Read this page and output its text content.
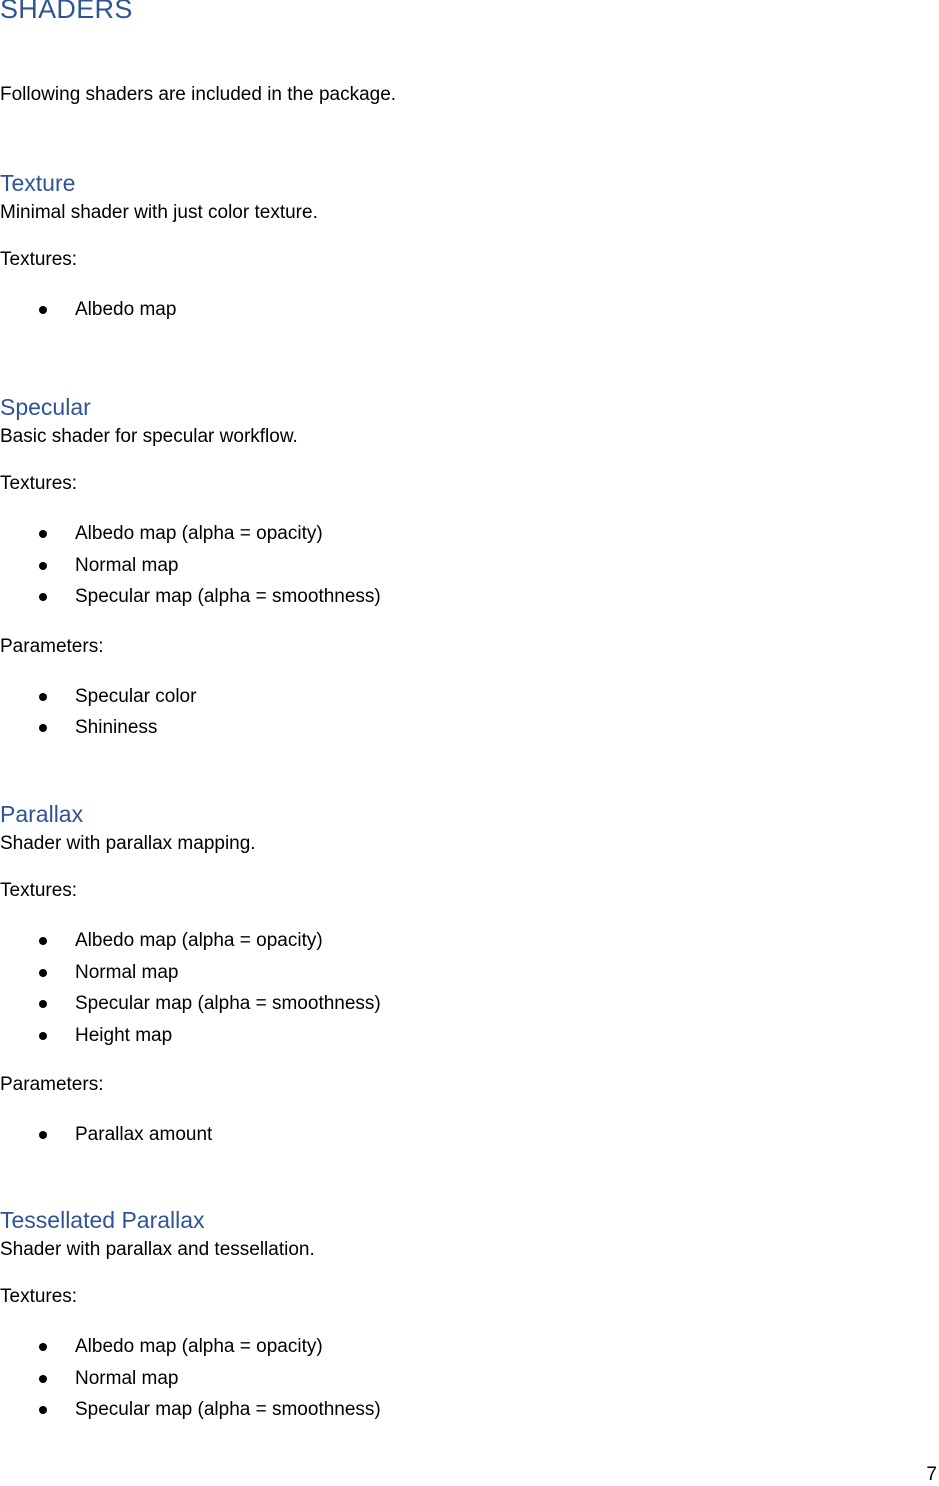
SHADERS

Following shaders are included in the package.

Texture

Minimal shader with just color texture.

Textures:

Albedo map
Specular

Basic shader for specular workflow.

Textures:

Albedo map (alpha = opacity)
Normal map
Specular map (alpha = smoothness)

Parameters:

Specular color
Shininess
Parallax

Shader with parallax mapping.

Textures:

Albedo map (alpha = opacity)
Normal map
Specular map (alpha = smoothness)
Height map

Parameters:

Parallax amount
Tessellated Parallax

Shader with parallax and tessellation.

Textures:

Albedo map (alpha = opacity)
Normal map
Specular map (alpha = smoothness)

7
